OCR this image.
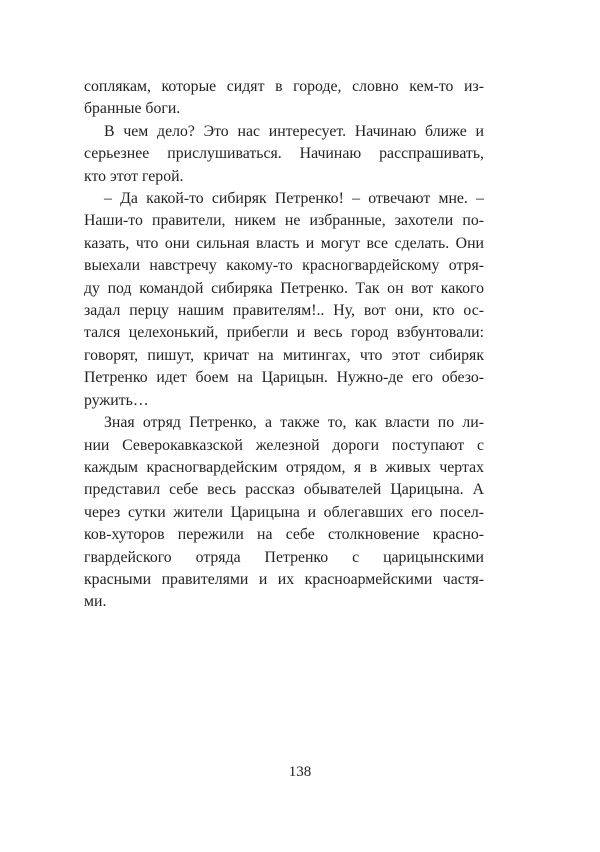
соплякам, которые сидят в городе, словно кем-то из-
бранные боги.
В чем дело? Это нас интересует. Начинаю ближе и
серьезнее прислушиваться. Начинаю расспрашивать,
кто этот герой.
– Да какой-то сибиряк Петренко! – отвечают мне. –
Наши-то правители, никем не избранные, захотели по-
казать, что они сильная власть и могут все сделать. Они
выехали навстречу какому-то красногвардейскому отря-
ду под командой сибиряка Петренко. Так он вот какого
задал перцу нашим правителям!.. Ну, вот они, кто ос-
тался целехонький, прибегли и весь город взбунтовали:
говорят, пишут, кричат на митингах, что этот сибиряк
Петренко идет боем на Царицын. Нужно-де его обезо-
ружить…
Зная отряд Петренко, а также то, как власти по ли-
нии Северокавказской железной дороги поступают с
каждым красногвардейским отрядом, я в живых чертах
представил себе весь рассказ обывателей Царицына. А
через сутки жители Царицына и облегавших его посел-
ков-хуторов пережили на себе столкновение красно-
гвардейского отряда Петренко с царицынскими
красными правителями и их красноармейскими частя-
ми.
138
